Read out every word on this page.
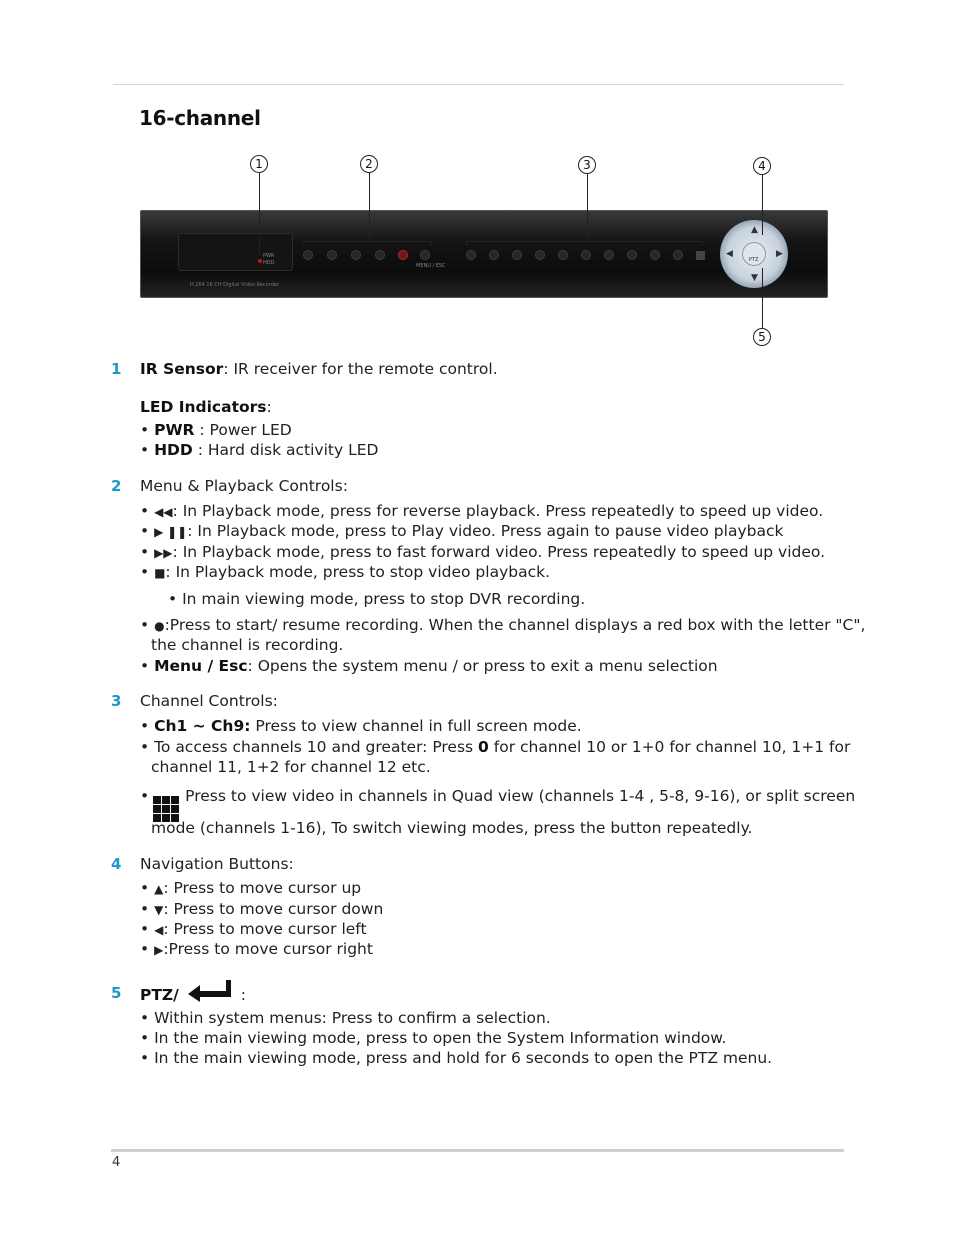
16-channel
1	2	3	4
5
PWR
HDD
H.264 16 CH Digital Video Recorder
MENU / ESC
▲
▼
◀	▶
PTZ
1 IR Sensor: IR receiver for the remote control.
LED Indicators:
• PWR : Power LED
• HDD : Hard disk activity LED
2 Menu & Playback Controls:
• ◀◀: In Playback mode, press for reverse playback. Press repeatedly to speed up video.
• ▶ ❚❚: In Playback mode, press to Play video. Press again to pause video playback
• ▶▶: In Playback mode, press to fast forward video. Press repeatedly to speed up video.
• ■: In Playback mode, press to stop video playback.
• In main viewing mode, press to stop DVR recording.
• ●:Press to start/ resume recording. When the channel displays a red box with the letter "C",
the channel is recording.
• Menu / Esc: Opens the system menu / or press to exit a menu selection
3 Channel Controls:
• Ch1 ~ Ch9: Press to view channel in full screen mode.
• To access channels 10 and greater: Press 0 for channel 10 or 1+0 for channel 10, 1+1 for
channel 11, 1+2 for channel 12 etc.
• Press to view video in channels in Quad view (channels 1-4 , 5-8, 9-16), or split screen
mode (channels 1-16), To switch viewing modes, press the button repeatedly.
4 Navigation Buttons:
• ▲: Press to move cursor up
• ▼: Press to move cursor down
• ◀: Press to move cursor left
• ▶:Press to move cursor right
5 PTZ/	:
• Within system menus: Press to confirm a selection.
• In the main viewing mode, press to open the System Information window.
• In the main viewing mode, press and hold for 6 seconds to open the PTZ menu.
4
